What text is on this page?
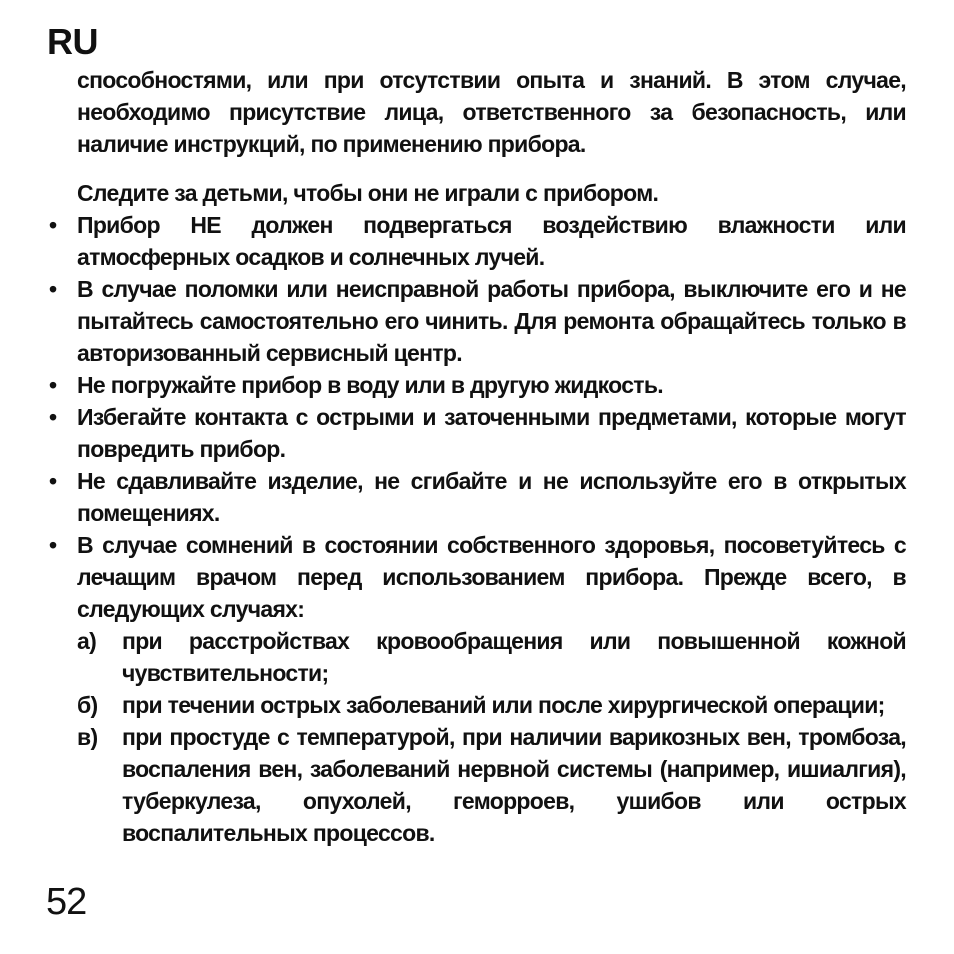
RU

способностями, или при отсутствии опыта и знаний. В этом случае, необходимо присутствие лица, ответственного за безопасность, или наличие инструкций, по применению прибора.

Следите за детьми, чтобы они не играли с прибором.

• Прибор НЕ должен подвергаться воздействию влажности или атмосферных осадков и солнечных лучей.
• В случае поломки или неисправной работы прибора, выключите его и не пытайтесь самостоятельно его чинить. Для ремонта обращайтесь только в авторизованный сервисный центр.
• Не погружайте прибор в воду или в другую жидкость.
• Избегайте контакта с острыми и заточенными предметами, которые могут повредить прибор.
• Не сдавливайте изделие, не сгибайте и не используйте его в открытых помещениях.
• В случае сомнений в состоянии собственного здоровья, посоветуйтесь с лечащим врачом перед использованием прибора. Прежде всего, в следующих случаях:
а)	при расстройствах кровообращения или повышенной кожной чувствительности;
б)	при течении острых заболеваний или после хирургической операции;
в)	при простуде с температурой, при наличии варикозных вен, тромбоза, воспаления вен, заболеваний нервной системы (например, ишиалгия), туберкулеза, опухолей, геморроев, ушибов или острых воспалительных процессов.
52
